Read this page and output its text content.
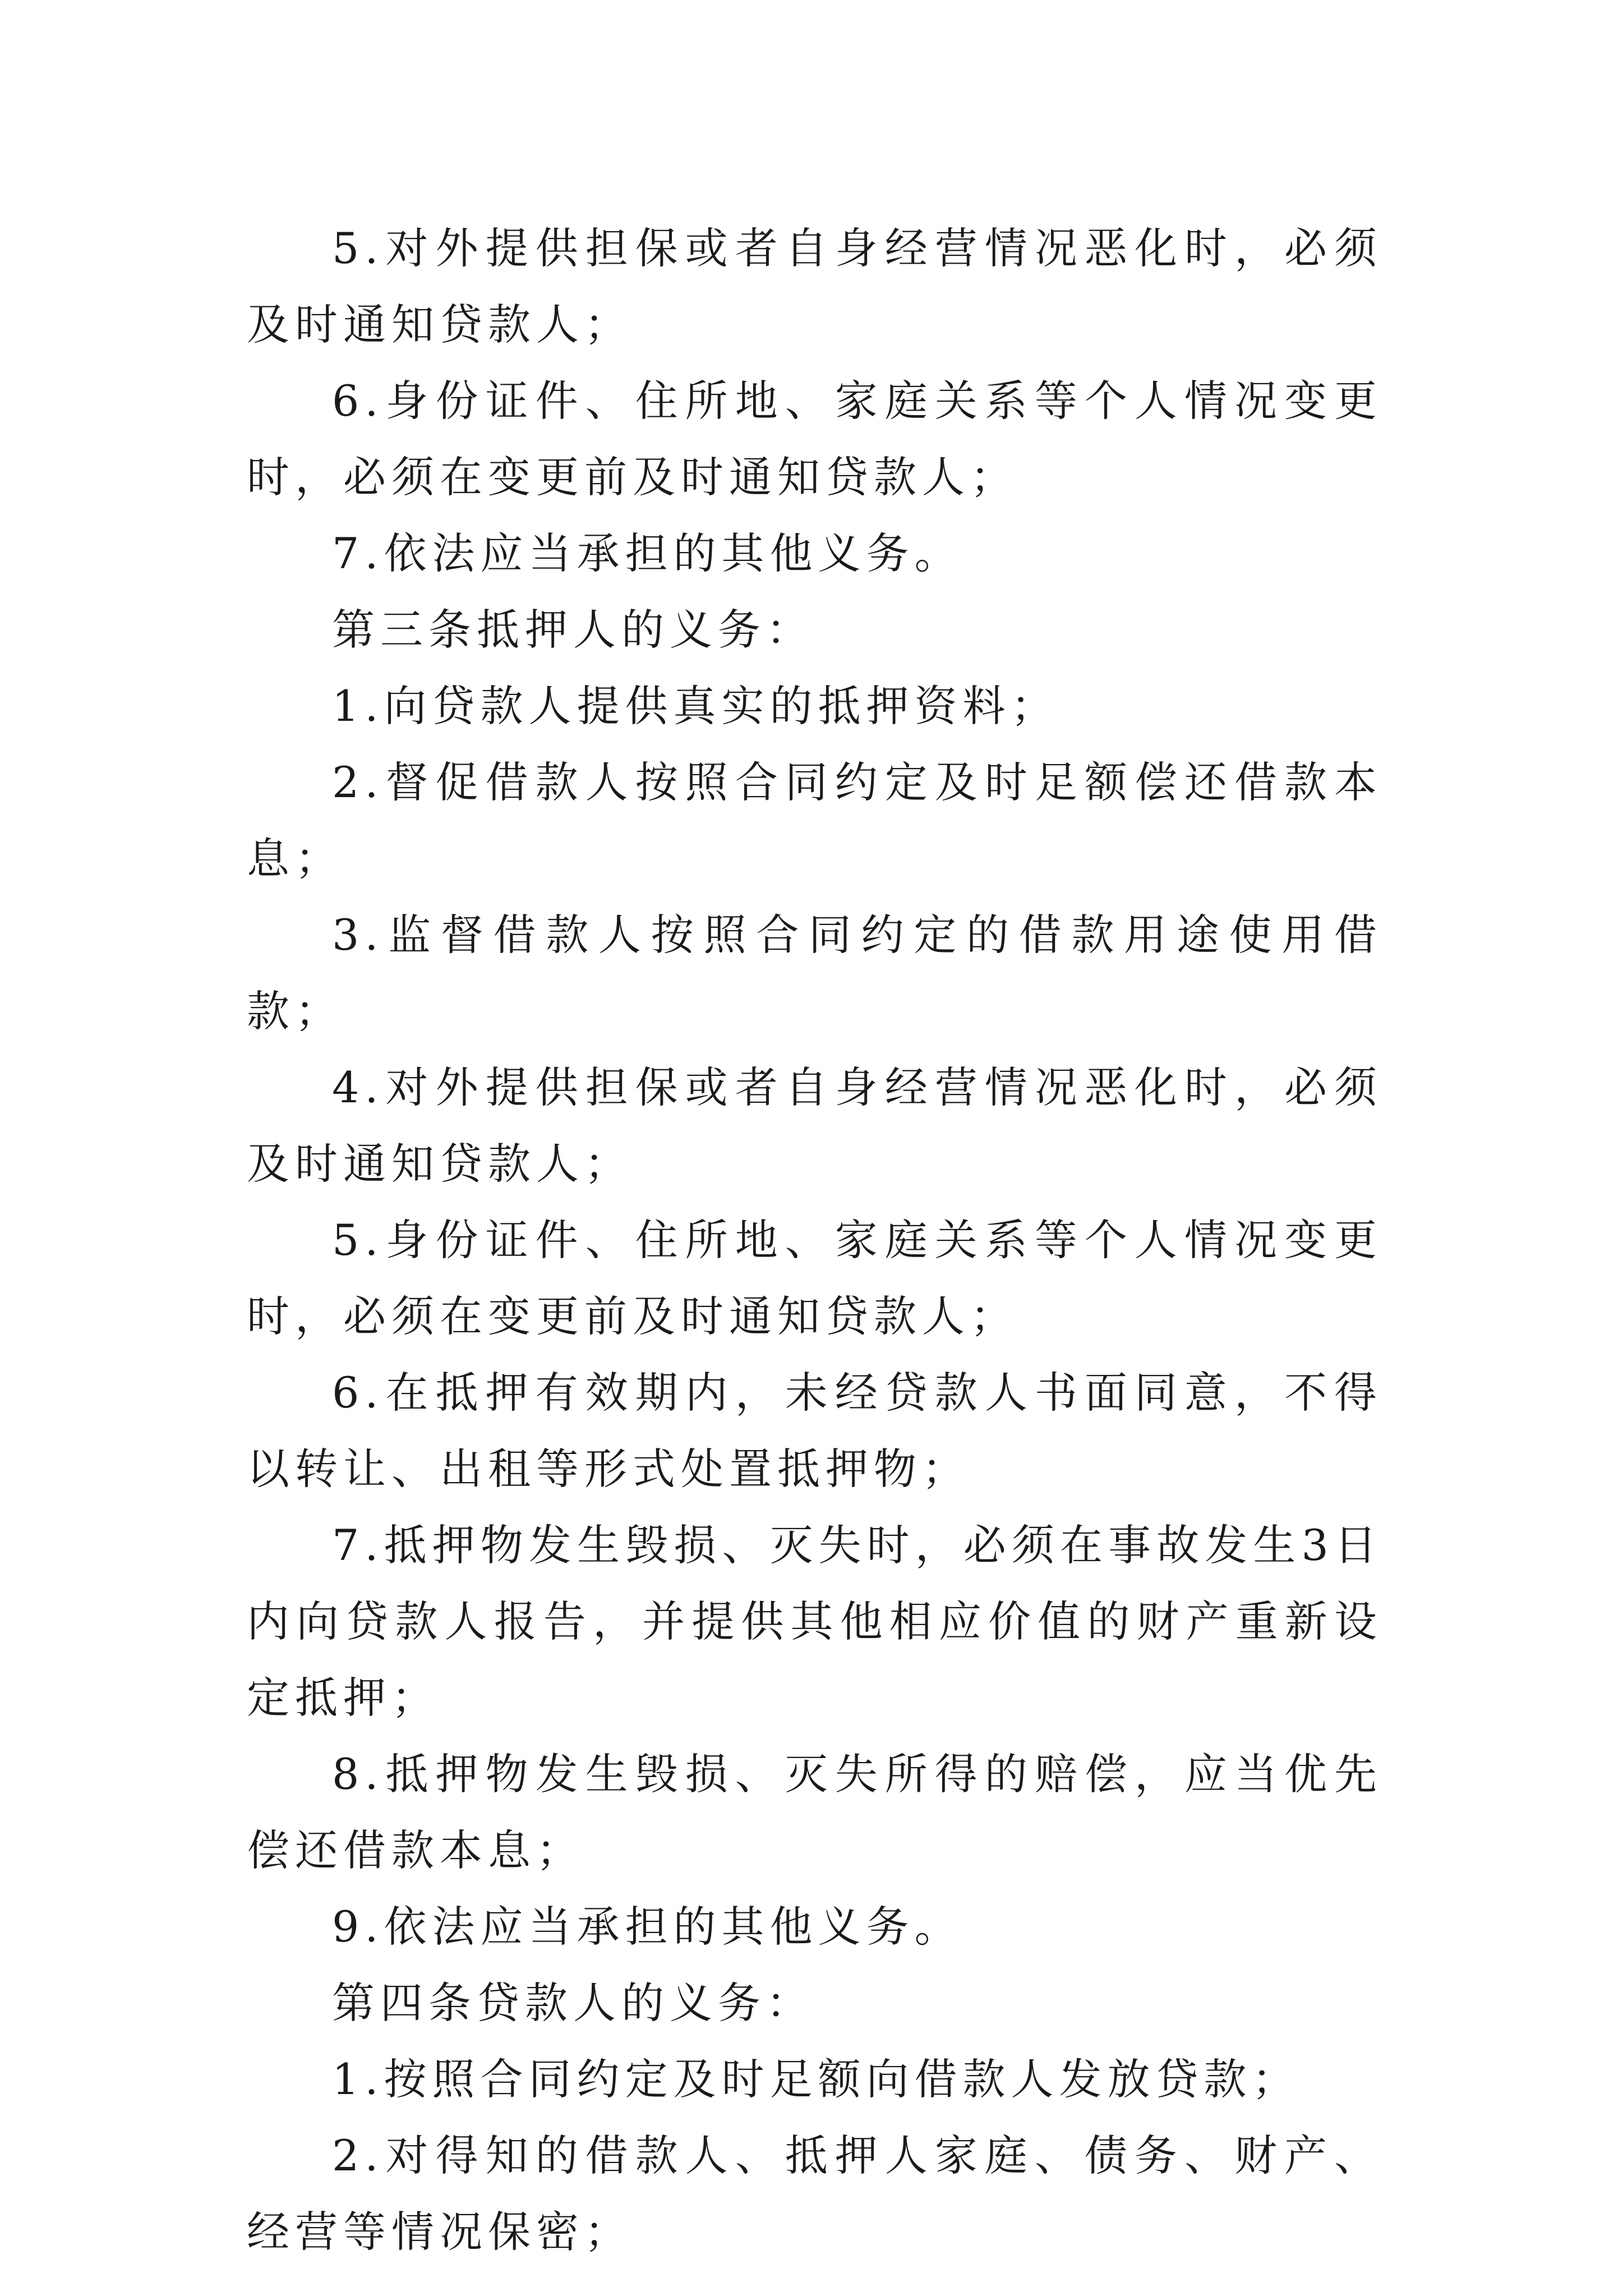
5.对外提供担保或者自身经营情况恶化时，必须及时通知贷款人；

6.身份证件、住所地、家庭关系等个人情况变更时，必须在变更前及时通知贷款人；

7.依法应当承担的其他义务。

第三条抵押人的义务：

1.向贷款人提供真实的抵押资料；

2.督促借款人按照合同约定及时足额偿还借款本息；

3.监督借款人按照合同约定的借款用途使用借款；

4.对外提供担保或者自身经营情况恶化时，必须及时通知贷款人；

5.身份证件、住所地、家庭关系等个人情况变更时，必须在变更前及时通知贷款人；

6.在抵押有效期内，未经贷款人书面同意，不得以转让、出租等形式处置抵押物；

7.抵押物发生毁损、灭失时，必须在事故发生3日内向贷款人报告，并提供其他相应价值的财产重新设定抵押；

8.抵押物发生毁损、灭失所得的赔偿，应当优先偿还借款本息；

9.依法应当承担的其他义务。

第四条贷款人的义务：

1.按照合同约定及时足额向借款人发放贷款；

2.对得知的借款人、抵押人家庭、债务、财产、经营等情况保密；
